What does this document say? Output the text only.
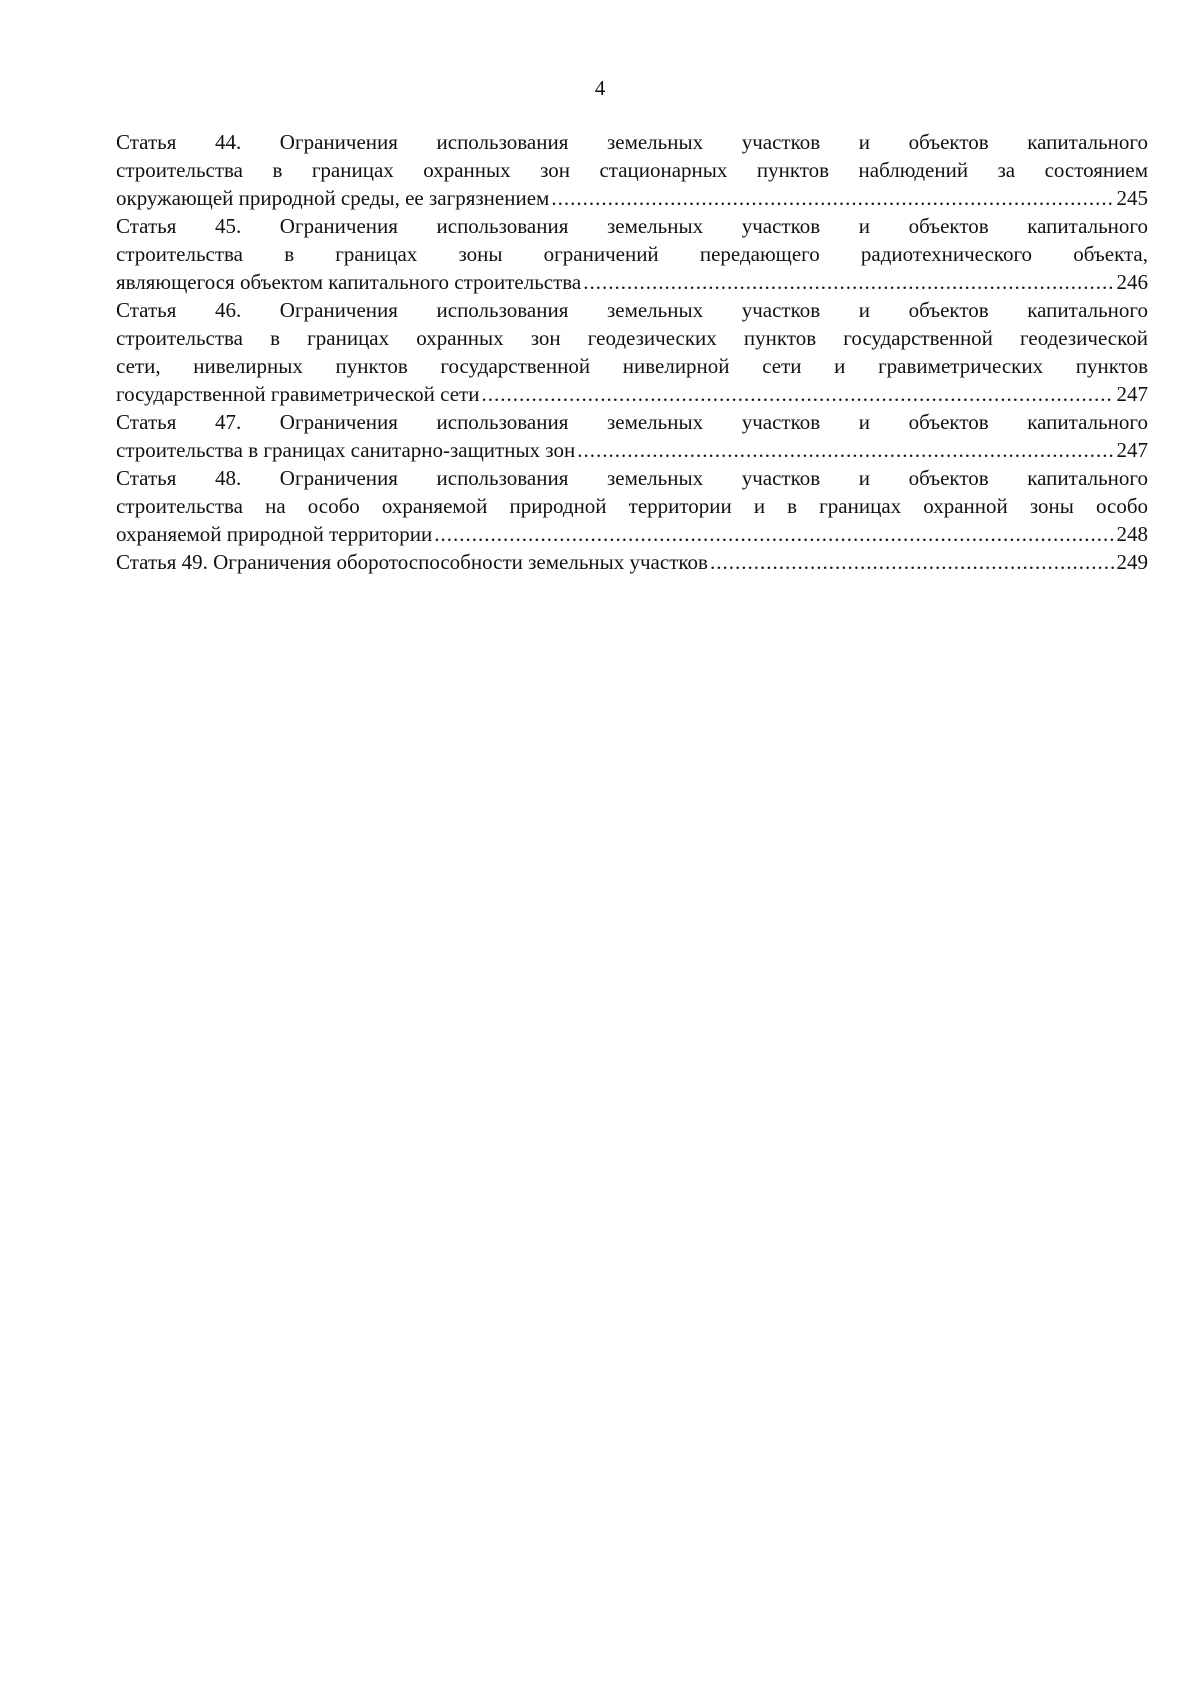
4
Статья 44. Ограничения использования земельных участков и объектов капитального
строительства в границах охранных зон стационарных пунктов наблюдений за состоянием
окружающей природной среды, ее загрязнением .....	245
Статья 45. Ограничения использования земельных участков и объектов капитального
строительства в границах зоны ограничений передающего радиотехнического объекта,
являющегося объектом капитального строительства .....	246
Статья 46. Ограничения использования земельных участков и объектов капитального
строительства в границах охранных зон геодезических пунктов государственной геодезической
сети, нивелирных пунктов государственной нивелирной сети и гравиметрических пунктов
государственной гравиметрической сети .....	247
Статья 47. Ограничения использования земельных участков и объектов капитального
строительства в границах санитарно-защитных зон .....	247
Статья 48. Ограничения использования земельных участков и объектов капитального
строительства на особо охраняемой природной территории и в границах охранной зоны особо
охраняемой природной территории .....	248
Статья 49. Ограничения оборотоспособности земельных участков .....	249
